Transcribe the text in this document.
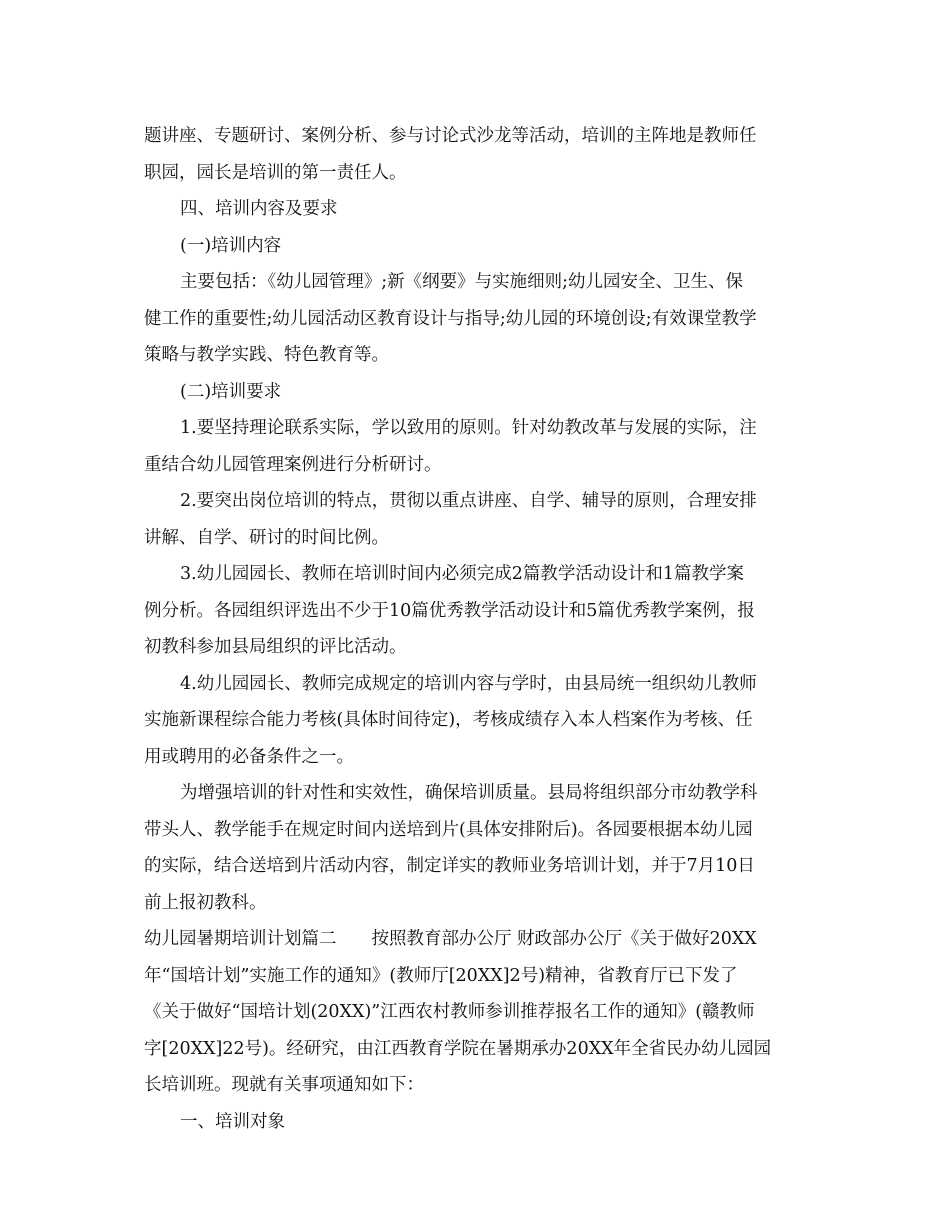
题讲座、专题研讨、案例分析、参与讨论式沙龙等活动，培训的主阵地是教师任
职园，园长是培训的第一责任人。
四、培训内容及要求
(一)培训内容
主要包括：《幼儿园管理》;新《纲要》与实施细则;幼儿园安全、卫生、保
健工作的重要性;幼儿园活动区教育设计与指导;幼儿园的环境创设;有效课堂教学
策略与教学实践、特色教育等。
(二)培训要求
1.要坚持理论联系实际，学以致用的原则。针对幼教改革与发展的实际，注
重结合幼儿园管理案例进行分析研讨。
2.要突出岗位培训的特点，贯彻以重点讲座、自学、辅导的原则，合理安排
讲解、自学、研讨的时间比例。
3.幼儿园园长、教师在培训时间内必须完成2篇教学活动设计和1篇教学案
例分析。各园组织评选出不少于10篇优秀教学活动设计和5篇优秀教学案例，报
初教科参加县局组织的评比活动。
4.幼儿园园长、教师完成规定的培训内容与学时，由县局统一组织幼儿教师
实施新课程综合能力考核(具体时间待定)，考核成绩存入本人档案作为考核、任
用或聘用的必备条件之一。
为增强培训的针对性和实效性，确保培训质量。县局将组织部分市幼教学科
带头人、教学能手在规定时间内送培到片(具体安排附后)。各园要根据本幼儿园
的实际，结合送培到片活动内容，制定详实的教师业务培训计划，并于7月10日
前上报初教科。
幼儿园暑期培训计划篇二　　按照教育部办公厅 财政部办公厅《关于做好20XX
年“国培计划”实施工作的通知》(教师厅[20XX]2号)精神，省教育厅已下发了
《关于做好“国培计划(20XX)”江西农村教师参训推荐报名工作的通知》(赣教师
字[20XX]22号)。经研究，由江西教育学院在暑期承办20XX年全省民办幼儿园园
长培训班。现就有关事项通知如下：
一、培训对象
